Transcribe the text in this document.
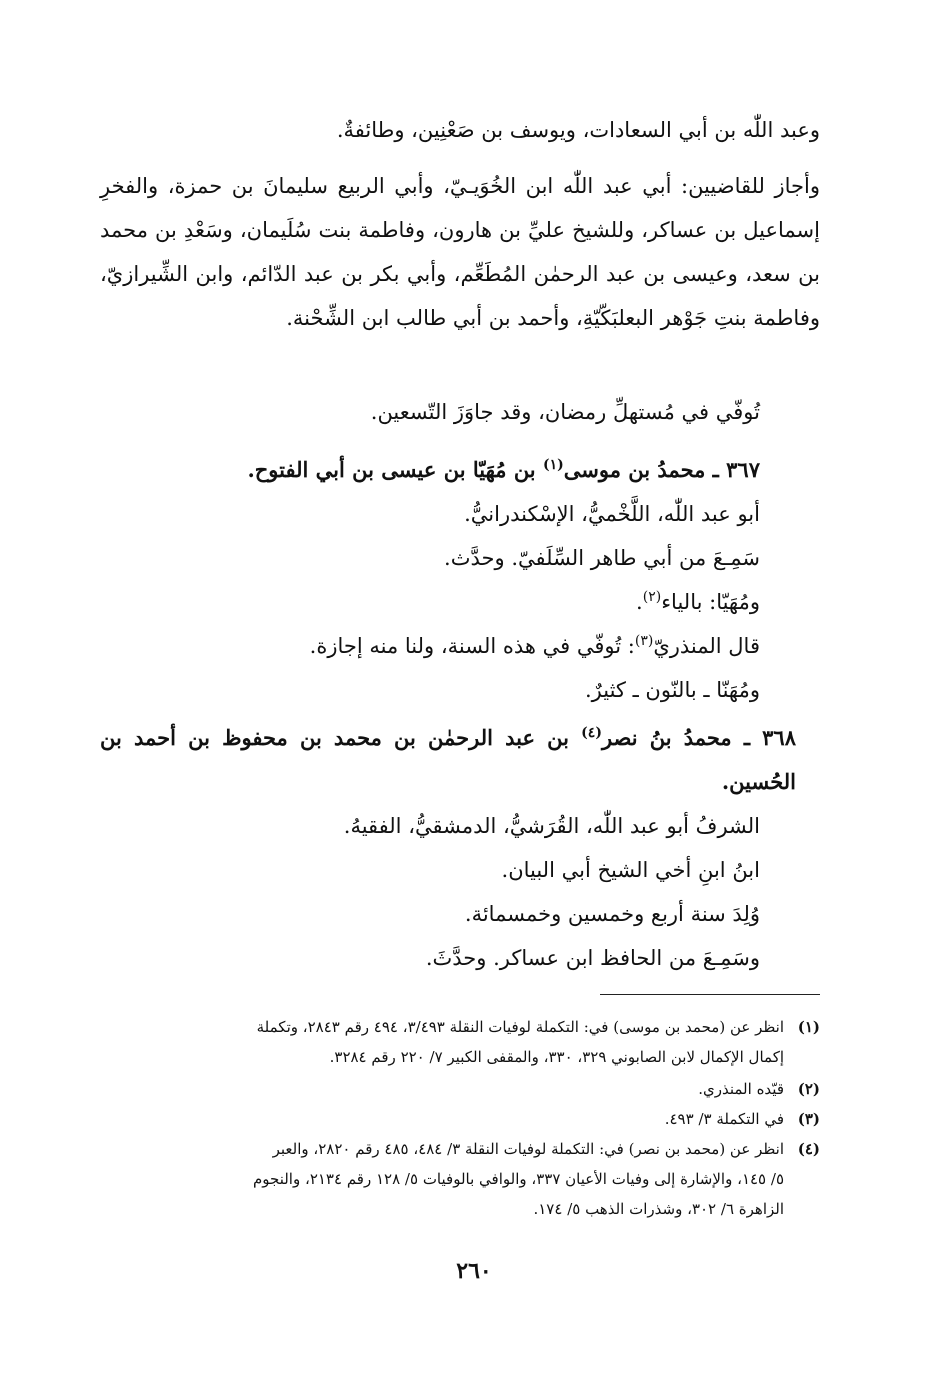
وعبد اللّٰه بن أبي السعادات، ويوسف بن صَعْنِين، وطائفةٌ.

وأجاز للقاضيين: أبي عبد اللّٰه ابن الخُوَيـيّ، وأبي الربيع سليمانَ بن حمزة، والفخرِ إسماعيل بن عساكر، وللشيخ عليِّ بن هارون، وفاطمة بنت سُلَيمان، وسَعْدِ بن محمد بن سعد، وعيسى بن عبد الرحمٰن المُطَعِّم، وأبي بكر بن عبد الدّائم، وابن الشِّيرازيّ، وفاطمة بنتِ جَوْهر البعلبَكّيّةِ، وأحمد بن أبي طالب ابن الشِّحْنة.

تُوفّي في مُستهلِّ رمضان، وقد جاوَزَ التّسعين.

٣٦٧ ـ محمدُ بن موسى$^{(١)}$ بن مُهَيّا بن عيسى بن أبي الفتوح.
أبو عبد اللّٰه، اللَّخْميُّ، الإسْكندرانيُّ.
سَمِـعَ من أبي طاهر السِّلَفيّ. وحدَّث.
ومُهَيّا: بالياء$^{(٢)}$.
قال المنذريّ$^{(٣)}$: تُوفّي في هذه السنة، ولنا منه إجازة.
ومُهَنّا ـ بالنّون ـ كثيرٌ.
٣٦٨ ـ محمدُ بنُ نصر$^{(٤)}$ بن عبد الرحمٰن بن محمد بن محفوظ بن أحمد بن الحُسين.
الشرفُ أبو عبد اللّٰه، القُرَشيُّ، الدمشقيُّ، الفقيهُ.
ابنُ ابنِ أخي الشيخ أبي البيان.
وُلِدَ سنة أربع وخمسين وخمسمائة.
وسَمِـعَ من الحافظ ابن عساكر. وحدَّثَ.
(١)انظر عن (محمد بن موسى) في: التكملة لوفيات النقلة ٣/٤٩٣، ٤٩٤ رقم ٢٨٤٣، وتكملة
إكمال الإكمال لابن الصابوني ٣٢٩، ٣٣٠، والمقفى الكبير ٧/ ٢٢٠ رقم ٣٢٨٤.
(٢)قيّده المنذري.
(٣)في التكملة ٣/ ٤٩٣.
(٤)انظر عن (محمد بن نصر) في: التكملة لوفيات النقلة ٣/ ٤٨٤، ٤٨٥ رقم ٢٨٢٠، والعبر
٥/ ١٤٥، والإشارة إلى وفيات الأعيان ٣٣٧، والوافي بالوفيات ٥/ ١٢٨ رقم ٢١٣٤، والنجوم
الزاهرة ٦/ ٣٠٢، وشذرات الذهب ٥/ ١٧٤.
٢٦٠
